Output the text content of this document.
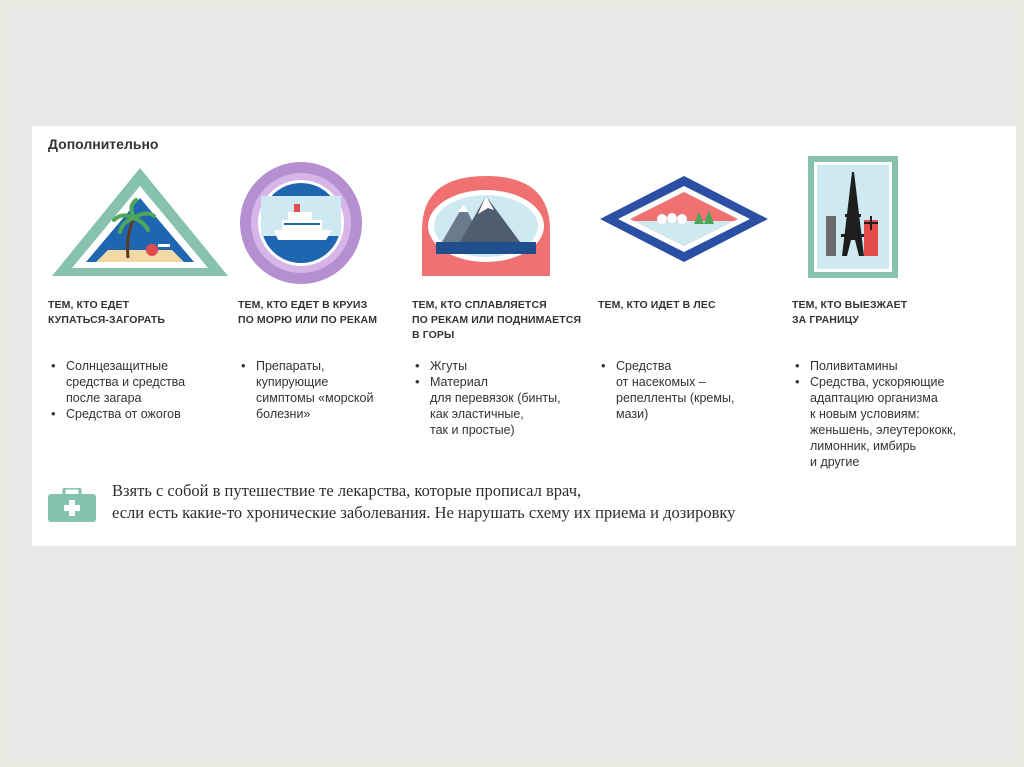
Дополнительно
ТЕМ, КТО ЕДЕТ
КУПАТЬСЯ-ЗАГОРАТЬ
• Солнцезащитные
средства и средства
после загара
• Средства от ожогов
ТЕМ, КТО ЕДЕТ В КРУИЗ
ПО МОРЮ ИЛИ ПО РЕКАМ
• Препараты,
купирующие
симптомы «морской
болезни»
ТЕМ, КТО СПЛАВЛЯЕТСЯ
ПО РЕКАМ ИЛИ ПОДНИМАЕТСЯ
В ГОРЫ
• Жгуты
• Материал
для перевязок (бинты,
как эластичные,
так и простые)
ТЕМ, КТО ИДЕТ В ЛЕС
• Средства
от насекомых –
репелленты (кремы,
мази)
ТЕМ, КТО ВЫЕЗЖАЕТ
ЗА ГРАНИЦУ
• Поливитамины
• Средства, ускоряющие
адаптацию организма
к новым условиям:
женьшень, элеутерококк,
лимонник, имбирь
и другие
Взять с собой в путешествие те лекарства, которые прописал врач,
если есть какие-то хронические заболевания. Не нарушать схему их приема и дозировку
